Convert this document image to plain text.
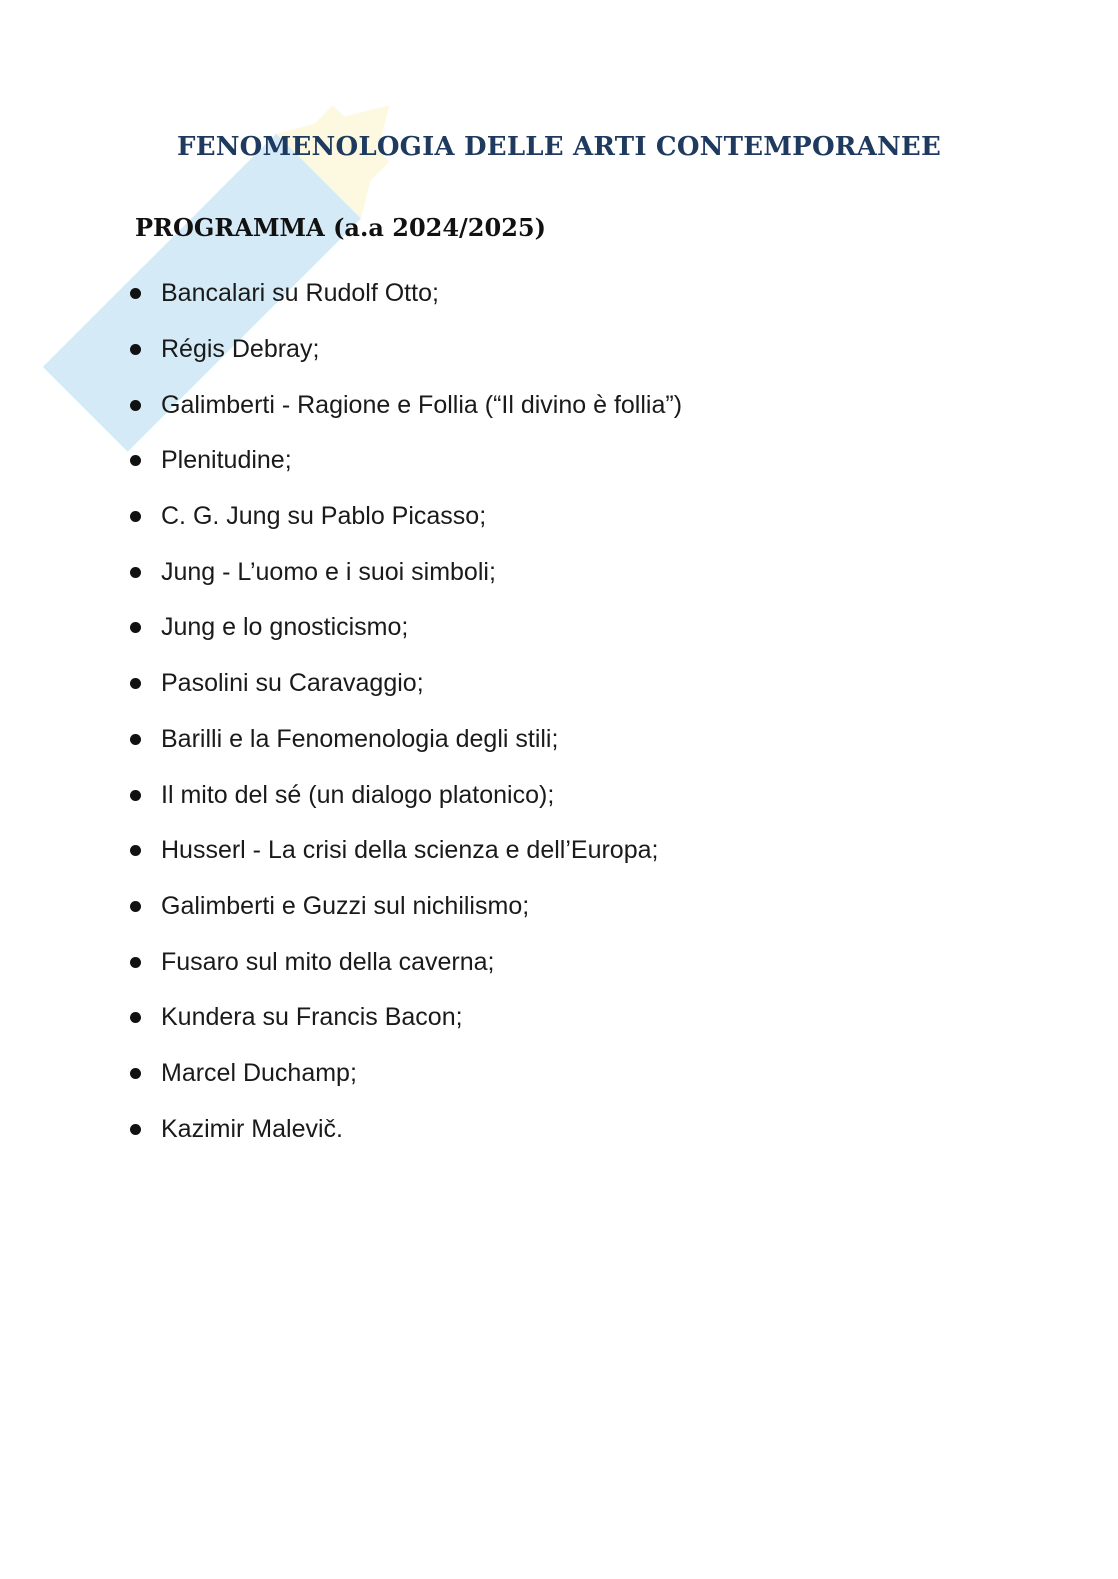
FENOMENOLOGIA DELLE ARTI CONTEMPORANEE
PROGRAMMA (a.a 2024/2025)
Bancalari su Rudolf Otto;
Régis Debray;
Galimberti - Ragione e Follia (“Il divino è follia”)
Plenitudine;
C. G. Jung su Pablo Picasso;
Jung - L’uomo e i suoi simboli;
Jung e lo gnosticismo;
Pasolini su Caravaggio;
Barilli e la Fenomenologia degli stili;
Il mito del sé (un dialogo platonico);
Husserl - La crisi della scienza e dell’Europa;
Galimberti e Guzzi sul nichilismo;
Fusaro sul mito della caverna;
Kundera su Francis Bacon;
Marcel Duchamp;
Kazimir Malevič.
